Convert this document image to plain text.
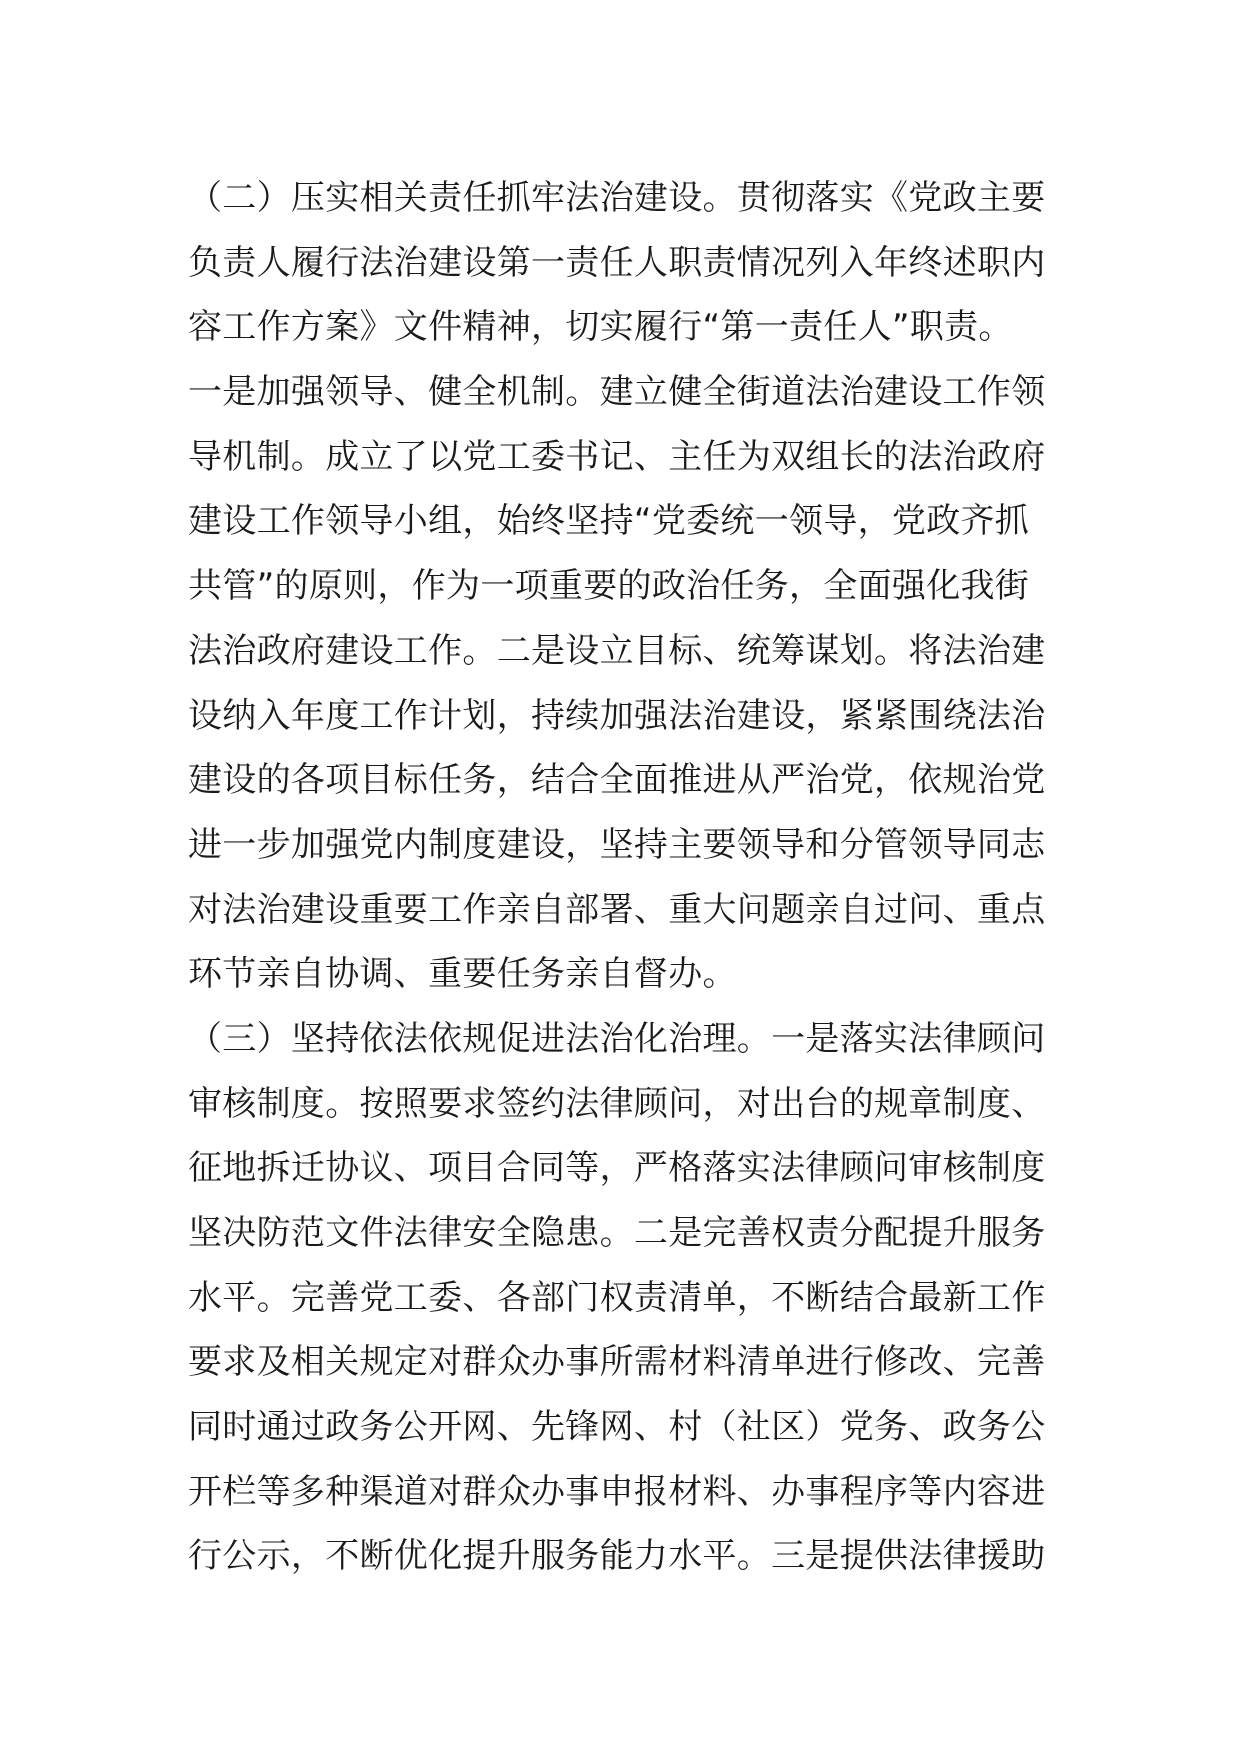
（二）压实相关责任抓牢法治建设。贯彻落实《党政主要
负责人履行法治建设第一责任人职责情况列入年终述职内
容工作方案》文件精神，切实履行“第一责任人”职责。
一是加强领导、健全机制。建立健全街道法治建设工作领
导机制。成立了以党工委书记、主任为双组长的法治政府
建设工作领导小组，始终坚持“党委统一领导，党政齐抓
共管”的原则，作为一项重要的政治任务，全面强化我街
法治政府建设工作。二是设立目标、统筹谋划。将法治建
设纳入年度工作计划，持续加强法治建设，紧紧围绕法治
建设的各项目标任务，结合全面推进从严治党，依规治党
进一步加强党内制度建设，坚持主要领导和分管领导同志
对法治建设重要工作亲自部署、重大问题亲自过问、重点
环节亲自协调、重要任务亲自督办。
（三）坚持依法依规促进法治化治理。一是落实法律顾问
审核制度。按照要求签约法律顾问，对出台的规章制度、
征地拆迁协议、项目合同等，严格落实法律顾问审核制度
坚决防范文件法律安全隐患。二是完善权责分配提升服务
水平。完善党工委、各部门权责清单，不断结合最新工作
要求及相关规定对群众办事所需材料清单进行修改、完善
同时通过政务公开网、先锋网、村（社区）党务、政务公
开栏等多种渠道对群众办事申报材料、办事程序等内容进
行公示，不断优化提升服务能力水平。三是提供法律援助
